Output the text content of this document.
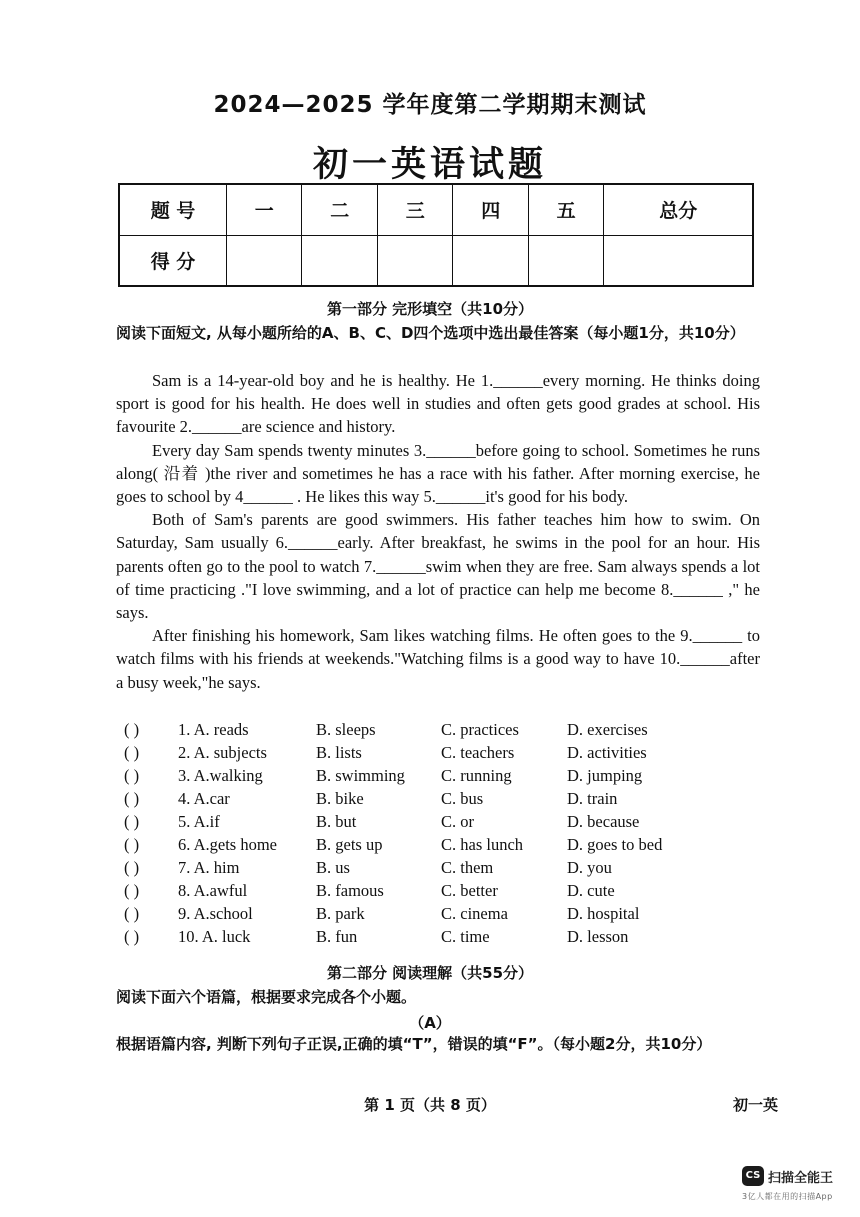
2024—2025 学年度第二学期期末测试
初一英语试题
题 号	一	二	三	四	五	总分
得 分						
第一部分 完形填空（共10分）
阅读下面短文, 从每小题所给的A、B、C、D四个选项中选出最佳答案（每小题1分，共10分）

Sam is a 14-year-old boy and he is healthy. He 1.______every morning. He thinks doing sport is good for his health. He does well in studies and often gets good grades at school. His favourite 2.______are science and history.

Every day Sam spends twenty minutes 3.______before going to school. Sometimes he runs along( 沿着 )the river and sometimes he has a race with his father. After morning exercise, he goes to school by 4______ . He likes this way 5.______it's good for his body.

Both of Sam's parents are good swimmers. His father teaches him how to swim. On Saturday, Sam usually 6.______early. After breakfast, he swims in the pool for an hour. His parents often go to the pool to watch 7.______swim when they are free. Sam always spends a lot of time practicing ."I love swimming, and a lot of practice can help me become 8.______ ," he says.

After finishing his homework, Sam likes watching films. He often goes to the 9.______ to watch films with his friends at weekends."Watching films is a good way to have 10.______after a busy week,"he says.

( ) 1. A. reads	B. sleeps	C. practices	D. exercises
( ) 2. A. subjects	B. lists	C. teachers	D. activities
( ) 3. A.walking	B. swimming C. running	D. jumping
( ) 4. A.car	B. bike	C. bus	D. train
( ) 5. A.if	B. but	C. or	D. because
( ) 6. A.gets home B. gets up	C. has lunch	D. goes to bed
( ) 7. A. him	B. us	C. them	D. you
( ) 8. A.awful	B. famous	C. better	D. cute
( ) 9. A.school	B. park	C. cinema	D. hospital
( ) 10. A. luck	B. fun	C. time	D. lesson
第二部分 阅读理解（共55分）
阅读下面六个语篇，根据要求完成各个小题。
（A）
根据语篇内容, 判断下列句子正误,正确的填“T”，错误的填“F”。（每小题2分，共10分）
第 1 页（共 8 页）	初一英
CS 扫描全能王
3亿人都在用的扫描App
